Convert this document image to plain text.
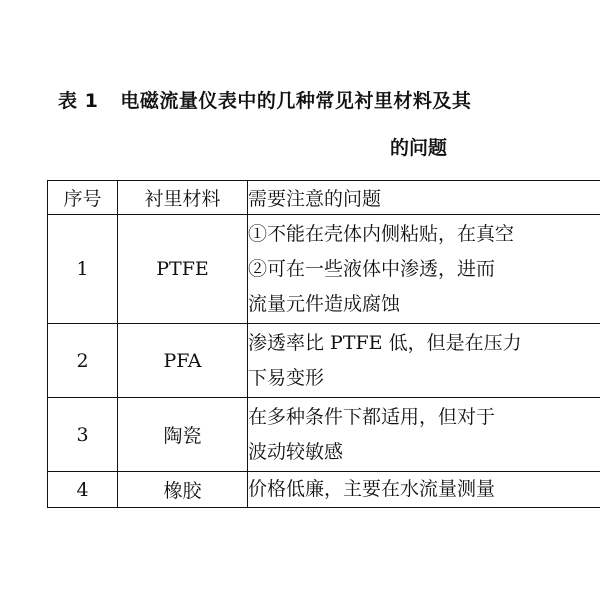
表 1 电磁流量仪表中的几种常见衬里材料及其
的问题
序号	衬里材料	需要注意的问题
1	PTFE	①不能在壳体内侧粘贴，在真空
②可在一些液体中渗透，进而
流量元件造成腐蚀

2	PFA	渗透率比 PTFE 低，但是在压力
下易变形

3	陶瓷	在多种条件下都适用，但对于
波动较敏感

4	橡胶	价格低廉，主要在水流量测量
